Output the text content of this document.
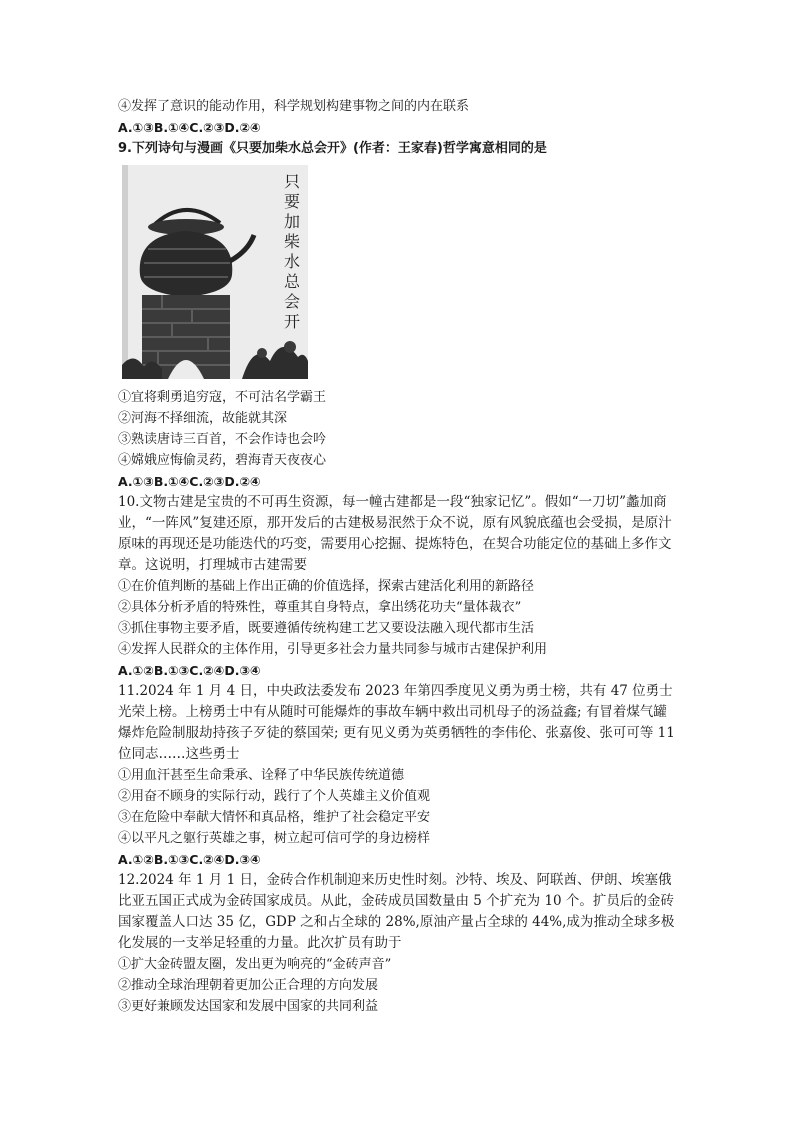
④发挥了意识的能动作用，科学规划构建事物之间的内在联系
A.①③B.①④C.②③D.②④
9.下列诗句与漫画《只要加柴水总会开》(作者：王家春)哲学寓意相同的是
只 要 加 柴 水 总 会 开
①宜将剩勇追穷寇，不可沽名学霸王
②河海不择细流，故能就其深
③熟读唐诗三百首，不会作诗也会吟
④嫦娥应悔偷灵药，碧海青天夜夜心
A.①③B.①④C.②③D.②④
10.文物古建是宝贵的不可再生资源，每一幢古建都是一段“独家记忆”。假如“一刀切”蠡加商业，“一阵风”复建还原，那开发后的古建极易泯然于众不说，原有风貌底蕴也会受损，是原汁原味的再现还是功能迭代的巧变，需要用心挖掘、提炼特色，在契合功能定位的基础上多作文章。这说明，打理城市古建需要
①在价值判断的基础上作出正确的价值选择，探索古建活化利用的新路径
②具体分析矛盾的特殊性，尊重其自身特点，拿出绣花功夫“量体裁衣”
③抓住事物主要矛盾，既要遵循传统构建工艺又要设法融入现代都市生活
④发挥人民群众的主体作用，引导更多社会力量共同参与城市古建保护利用
A.①②B.①③C.②④D.③④
11.2024 年 1 月 4 日，中央政法委发布 2023 年第四季度见义勇为勇士榜，共有 47 位勇士光荣上榜。上榜勇士中有从随时可能爆炸的事故车辆中救出司机母子的汤益鑫; 有冒着煤气罐爆炸危险制服劫持孩子歹徒的蔡国荣; 更有见义勇为英勇牺牲的李伟伦、张嘉俊、张可可等 11 位同志……这些勇士
①用血汗甚至生命秉承、诠释了中华民族传统道德
②用奋不顾身的实际行动，践行了个人英雄主义价值观
③在危险中奉献大情怀和真品格，维护了社会稳定平安
④以平凡之躯行英雄之事，树立起可信可学的身边榜样
A.①②B.①③C.②④D.③④
12.2024 年 1 月 1 日，金砖合作机制迎来历史性时刻。沙特、埃及、阿联酋、伊朗、埃塞俄比亚五国正式成为金砖国家成员。从此，金砖成员国数量由 5 个扩充为 10 个。扩员后的金砖国家覆盖人口达 35 亿，GDP 之和占全球的 28%,原油产量占全球的 44%,成为推动全球多极化发展的一支举足轻重的力量。此次扩员有助于
①扩大金砖盟友圈，发出更为响亮的“金砖声音”
②推动全球治理朝着更加公正合理的方向发展
③更好兼顾发达国家和发展中国家的共同利益
